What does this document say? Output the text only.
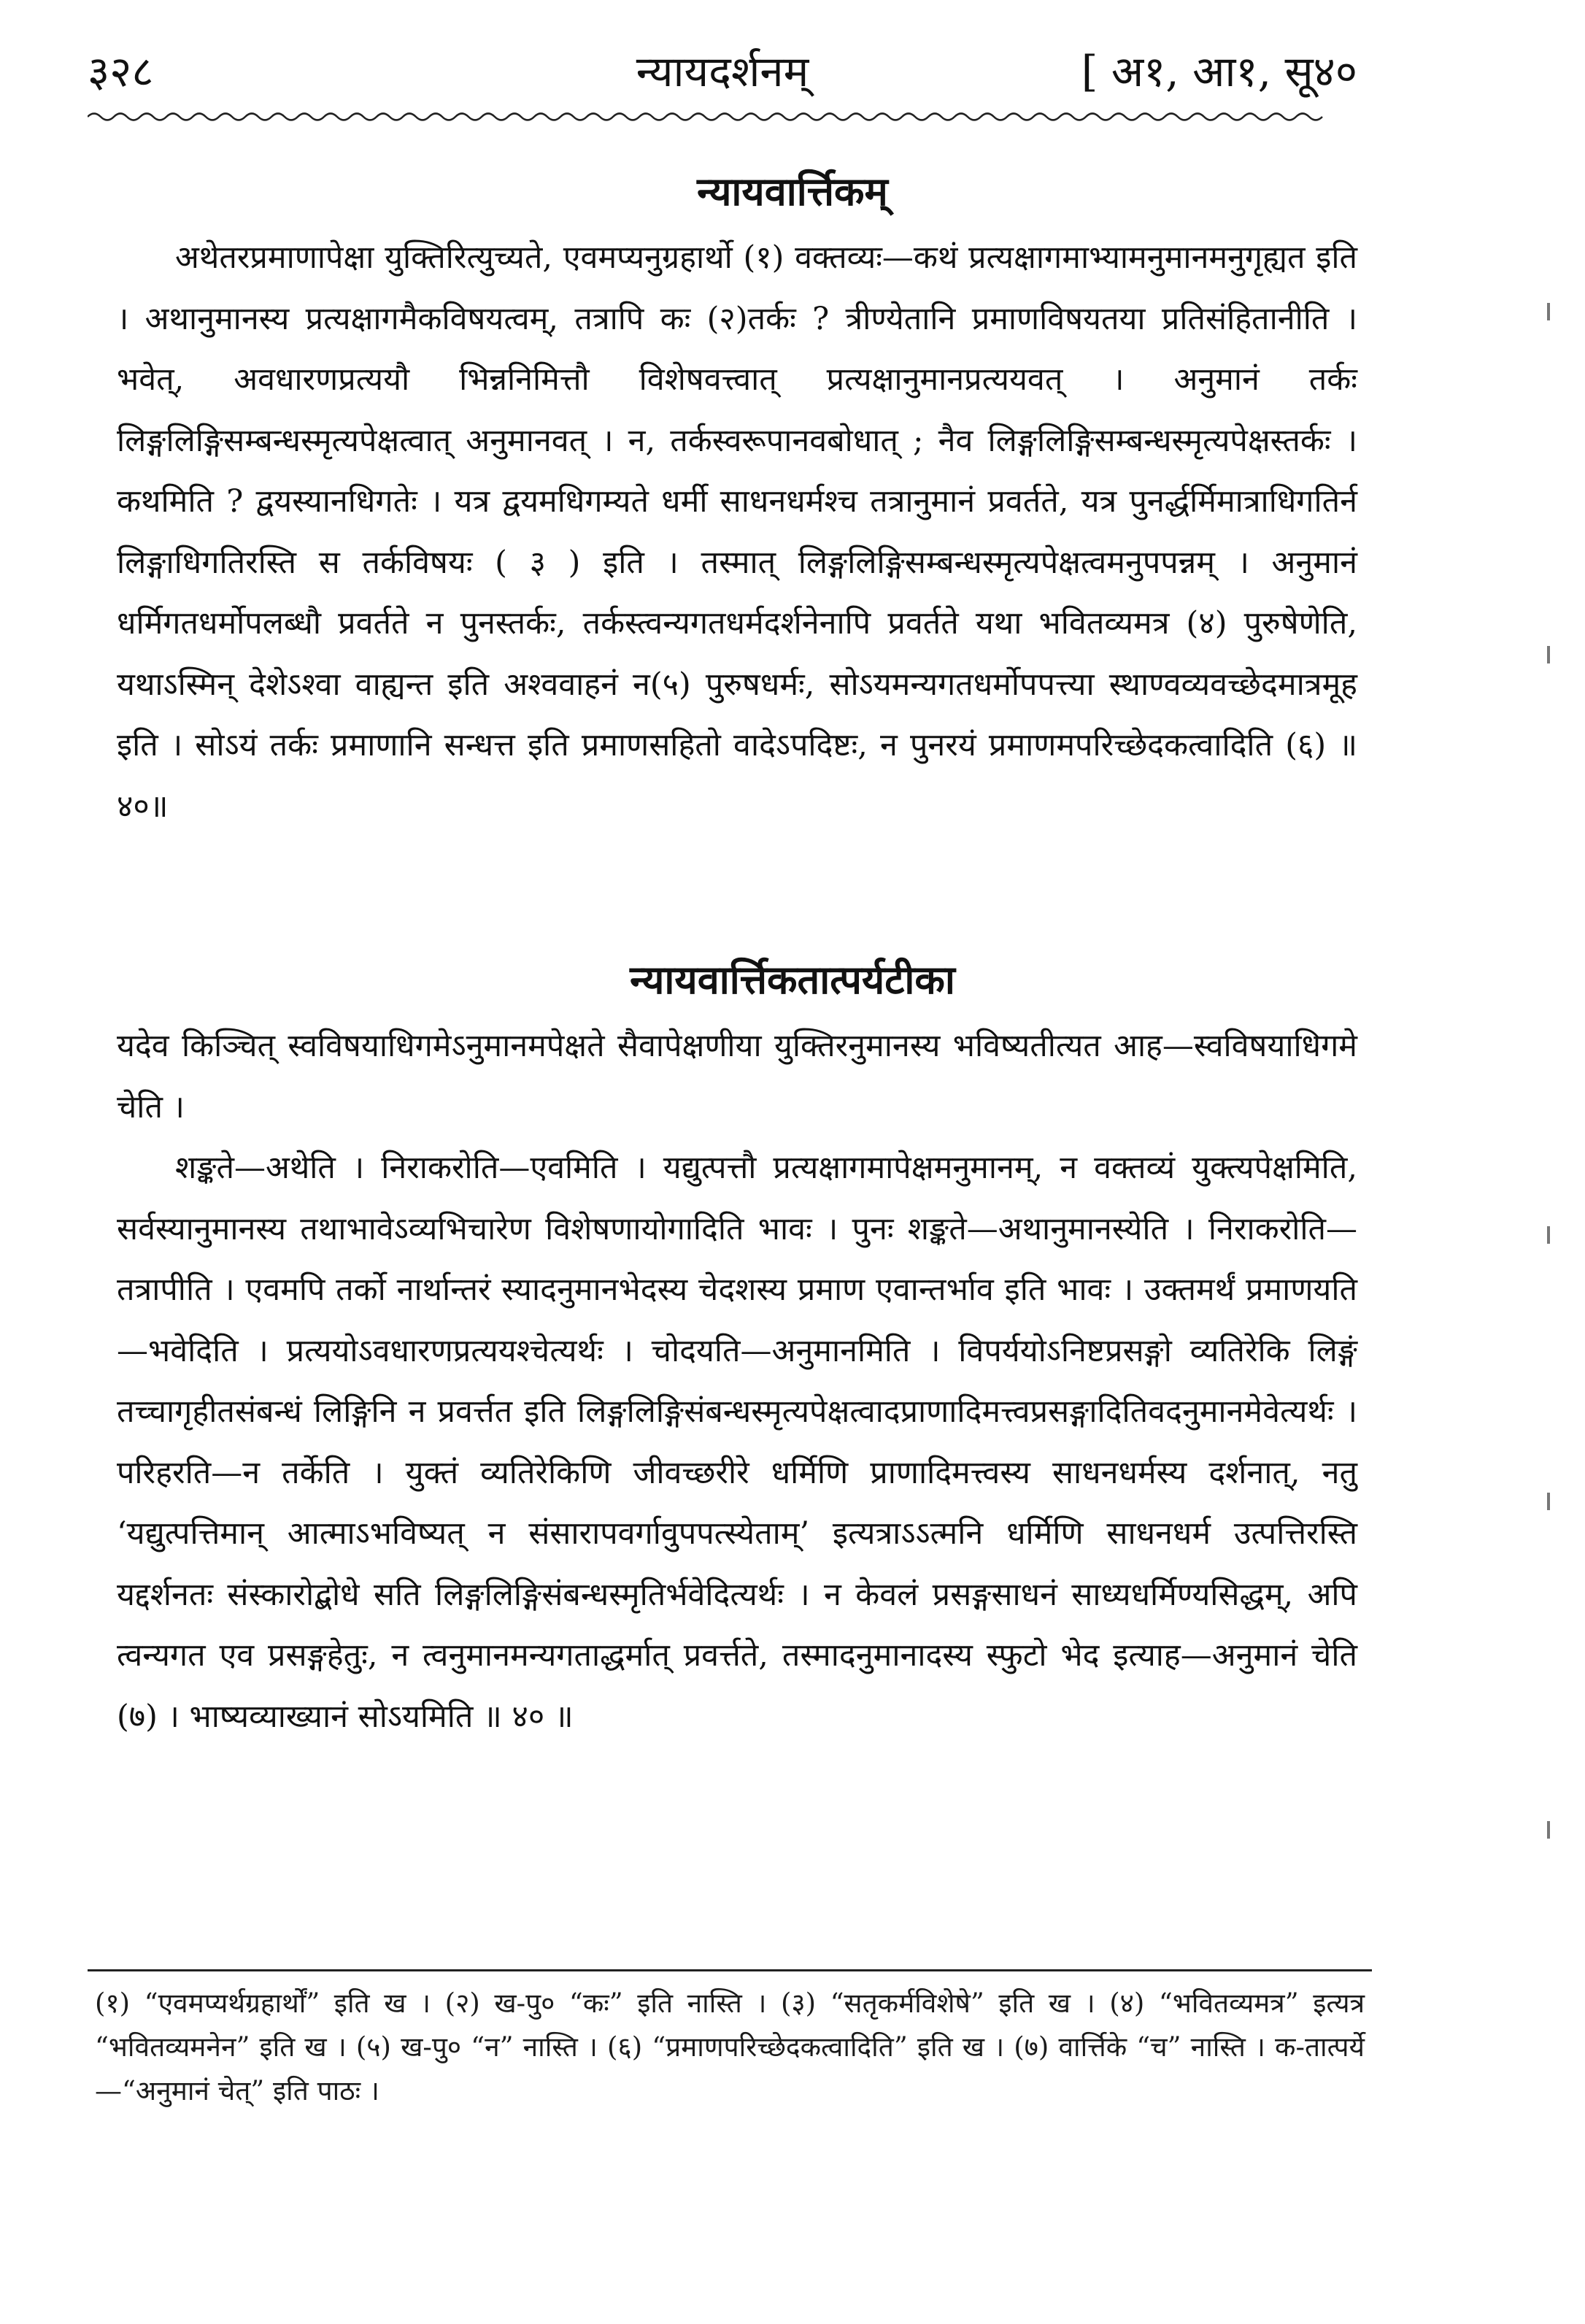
३२८	न्यायदर्शनम्	[ अ१, आ१, सू४०
न्यायवार्त्तिकम्

अथेतरप्रमाणापेक्षा युक्तिरित्युच्यते, एवमप्यनुग्रहार्थो (१) वक्तव्यः—कथं प्रत्यक्षागमाभ्यामनुमानमनुगृह्यत इति । अथानुमानस्य प्रत्यक्षागमैकविषयत्वम्, तत्रापि कः (२)तर्कः ? त्रीण्येतानि प्रमाणविषयतया प्रतिसंहितानीति । भवेत्, अवधारणप्रत्ययौ भिन्ननिमित्तौ विशेषवत्त्वात् प्रत्यक्षानुमानप्रत्ययवत् । अनुमानं तर्कः लिङ्गलिङ्गिसम्बन्धस्मृत्यपेक्षत्वात् अनुमानवत् । न, तर्कस्वरूपानवबोधात् ; नैव लिङ्गलिङ्गिसम्बन्धस्मृत्यपेक्षस्तर्कः । कथमिति ? द्वयस्यानधिगतेः । यत्र द्वयमधिगम्यते धर्मी साधनधर्मश्च तत्रानुमानं प्रवर्तते, यत्र पुनर्द्धर्मिमात्राधिगतिर्न लिङ्गाधिगतिरस्ति स तर्कविषयः ( ३ ) इति । तस्मात् लिङ्गलिङ्गिसम्बन्धस्मृत्यपेक्षत्वमनुपपन्नम् । अनुमानं धर्मिगतधर्मोपलब्धौ प्रवर्तते न पुनस्तर्कः, तर्कस्त्वन्यगतधर्मदर्शनेनापि प्रवर्तते यथा भवितव्यमत्र (४) पुरुषेणेति, यथाऽस्मिन् देशेऽश्वा वाह्यन्त इति अश्ववाहनं न(५) पुरुषधर्मः, सोऽयमन्यगतधर्मोपपत्त्या स्थाण्वव्यवच्छेदमात्रमूह इति । सोऽयं तर्कः प्रमाणानि सन्धत्त इति प्रमाणसहितो वादेऽपदिष्टः, न पुनरयं प्रमाणमपरिच्छेदकत्वादिति (६) ॥४०॥

न्यायवार्त्तिकतात्पर्यटीका

यदेव किञ्चित् स्वविषयाधिगमेऽनुमानमपेक्षते सैवापेक्षणीया युक्तिरनुमानस्य भविष्यतीत्यत आह—स्वविषयाधिगमे चेति ।

शङ्कते—अथेति । निराकरोति—एवमिति । यद्युत्पत्तौ प्रत्यक्षागमापेक्षमनुमानम्, न वक्तव्यं युक्त्यपेक्षमिति, सर्वस्यानुमानस्य तथाभावेऽव्यभिचारेण विशेषणायोगादिति भावः । पुनः शङ्कते—अथानुमानस्येति । निराकरोति—तत्रापीति । एवमपि तर्को नार्थान्तरं स्यादनुमानभेदस्य चेदशस्य प्रमाण एवान्तर्भाव इति भावः । उक्तमर्थं प्रमाणयति—भवेदिति । प्रत्ययोऽवधारणप्रत्ययश्चेत्यर्थः । चोदयति—अनुमानमिति । विपर्ययोऽनिष्टप्रसङ्गो व्यतिरेकि लिङ्गं तच्चागृहीतसंबन्धं लिङ्गिनि न प्रवर्त्तत इति लिङ्गलिङ्गिसंबन्धस्मृत्यपेक्षत्वादप्राणादिमत्त्वप्रसङ्गादितिवदनुमानमेवेत्यर्थः । परिहरति—न तर्केति । युक्तं व्यतिरेकिणि जीवच्छरीरे धर्मिणि प्राणादिमत्त्वस्य साधनधर्मस्य दर्शनात्, नतु ‘यद्युत्पत्तिमान् आत्माऽभविष्यत् न संसारापवर्गावुपपत्स्येताम्’ इत्यत्राऽऽत्मनि धर्मिणि साधनधर्म उत्पत्तिरस्ति यद्दर्शनतः संस्कारोद्बोधे सति लिङ्गलिङ्गिसंबन्धस्मृतिर्भवेदित्यर्थः । न केवलं प्रसङ्गसाधनं साध्यधर्मिण्यसिद्धम्, अपि त्वन्यगत एव प्रसङ्गहेतुः, न त्वनुमानमन्यगताद्धर्मात् प्रवर्त्तते, तस्मादनुमानादस्य स्फुटो भेद इत्याह—अनुमानं चेति (७) । भाष्यव्याख्यानं सोऽयमिति ॥ ४० ॥

(१) “एवमप्यर्थग्रहार्थों” इति ख । (२) ख-पु० “कः” इति नास्ति । (३) “सतृकर्मविशेषे” इति ख । (४) “भवितव्यमत्र” इत्यत्र “भवितव्यमनेन” इति ख । (५) ख-पु० “न” नास्ति । (६) “प्रमाणपरिच्छेदकत्वादिति” इति ख । (७) वार्त्तिके “च” नास्ति । क-तात्पर्ये—“अनुमानं चेत्” इति पाठः ।
